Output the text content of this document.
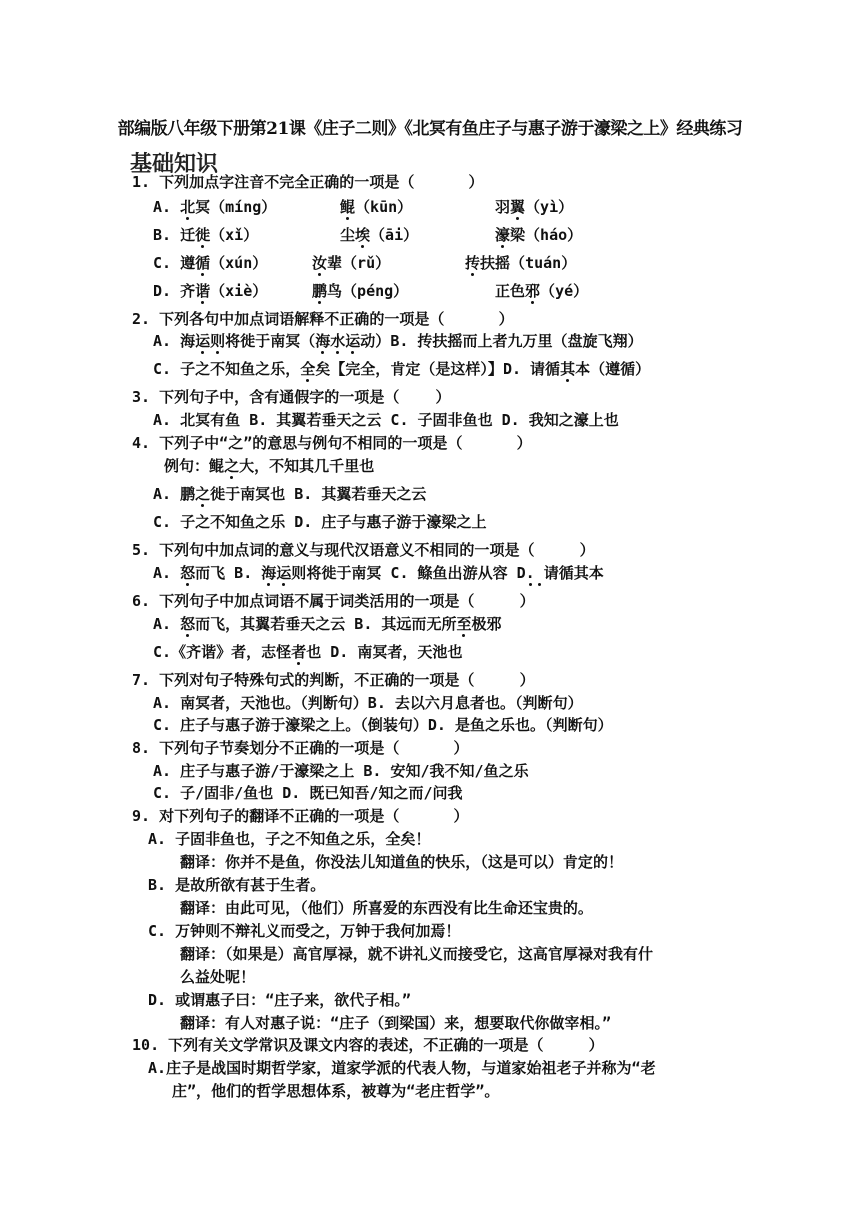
部编版八年级下册第21课《庄子二则》《北冥有鱼庄子与惠子游于濠梁之上》经典练习
基础知识
1. 下列加点字注音不完全正确的一项是（	）
A. 北冥（míng）	鲲（kūn）	羽翼（yì）
B. 迁徙（xǐ）	尘埃（āi）	濠梁（háo）
C. 遵循（xún）	汝辈（rǔ）	抟扶摇（tuán）
D. 齐谐（xiè）	鹏鸟（péng）	正色邪（yé）
2. 下列各句中加点词语解释不正确的一项是（	）
A. 海运则将徙于南冥（海水运动）B. 抟扶摇而上者九万里（盘旋飞翔）
C. 子之不知鱼之乐，全矣【完全，肯定（是这样）】D. 请循其本（遵循）
3. 下列句子中，含有通假字的一项是（ ）
A. 北冥有鱼 B. 其翼若垂天之云 C. 子固非鱼也 D. 我知之濠上也
4. 下列子中“之”的意思与例句不相同的一项是（	）
例句：鲲之大，不知其几千里也
A. 鹏之徙于南冥也 B. 其翼若垂天之云
C. 子之不知鱼之乐 D. 庄子与惠子游于濠梁之上
5. 下列句中加点词的意义与现代汉语意义不相同的一项是（	）
A. 怒而飞 B. 海运则将徙于南冥 C. 鲦鱼出游从容 D. 请循其本
6. 下列句子中加点词语不属于词类活用的一项是（	）
A. 怒而飞，其翼若垂天之云 B. 其远而无所至极邪
C.《齐谐》者，志怪者也 D. 南冥者，天池也
7. 下列对句子特殊句式的判断，不正确的一项是（	）
A. 南冥者，天池也。（判断句）B. 去以六月息者也。（判断句）
C. 庄子与惠子游于濠梁之上。（倒装句）D. 是鱼之乐也。（判断句）
8. 下列句子节奏划分不正确的一项是（	）
A. 庄子与惠子游/于濠梁之上 B. 安知/我不知/鱼之乐
C. 子/固非/鱼也 D. 既已知吾/知之而/问我
9. 对下列句子的翻译不正确的一项是（	）
A. 子固非鱼也，子之不知鱼之乐，全矣！
翻译：你并不是鱼，你没法儿知道鱼的快乐，（这是可以）肯定的！
B. 是故所欲有甚于生者。
翻译：由此可见，（他们）所喜爱的东西没有比生命还宝贵的。
C. 万钟则不辩礼义而受之，万钟于我何加焉！
翻译：（如果是）高官厚禄，就不讲礼义而接受它，这高官厚禄对我有什
么益处呢！
D. 或谓惠子曰：“庄子来，欲代子相。”
翻译：有人对惠子说：“庄子（到梁国）来，想要取代你做宰相。”
10. 下列有关文学常识及课文内容的表述，不正确的一项是（	）
A.庄子是战国时期哲学家，道家学派的代表人物，与道家始祖老子并称为“老
庄”，他们的哲学思想体系，被尊为“老庄哲学”。
